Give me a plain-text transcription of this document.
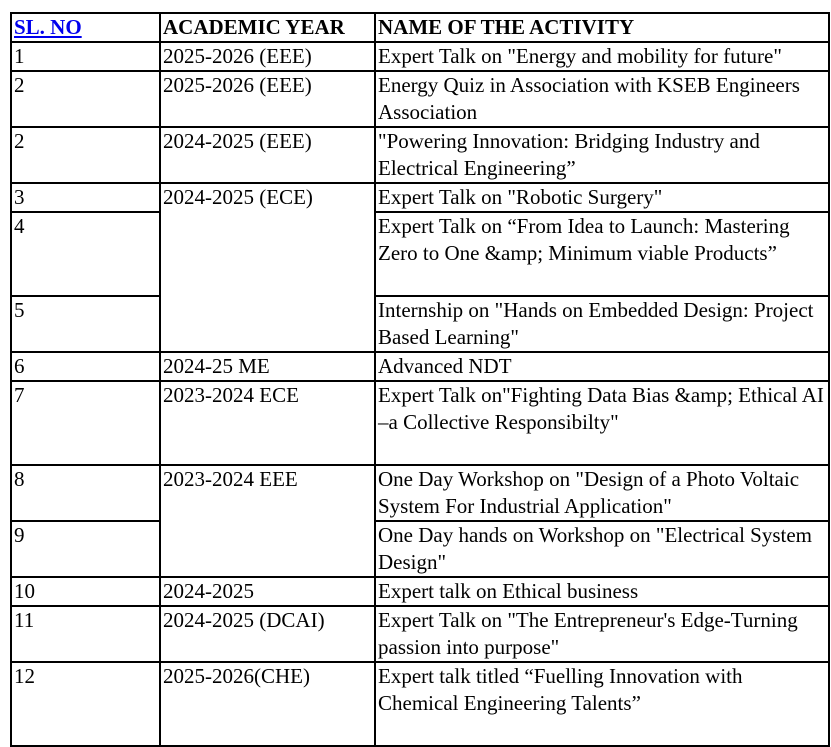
SL. NO	ACADEMIC YEAR	NAME OF THE ACTIVITY
1	2025-2026 (EEE)	Expert Talk on "Energy and mobility for future"
2	2025-2026 (EEE)	Energy Quiz in Association with KSEB Engineers Association
2	2024-2025 (EEE)	"Powering Innovation: Bridging Industry and Electrical Engineering”
3	2024-2025 (ECE)	Expert Talk on "Robotic Surgery"
4		Expert Talk on “From Idea to Launch: Mastering Zero to One &amp; Minimum viable Products”
5		Internship on "Hands on Embedded Design: Project Based Learning"
6	2024-25 ME	Advanced NDT
7	2023-2024 ECE	Expert Talk on"Fighting Data Bias &amp; Ethical AI –a Collective Responsibilty"
8	2023-2024 EEE	One Day Workshop on "Design of a Photo Voltaic System For Industrial Application"
9		One Day hands on Workshop on "Electrical System Design"
10	2024-2025	Expert talk on Ethical business
11	2024-2025 (DCAI)	Expert Talk on "The Entrepreneur's Edge-Turning passion into purpose"
12	2025-2026(CHE)	Expert talk titled “Fuelling Innovation with Chemical Engineering Talents”
